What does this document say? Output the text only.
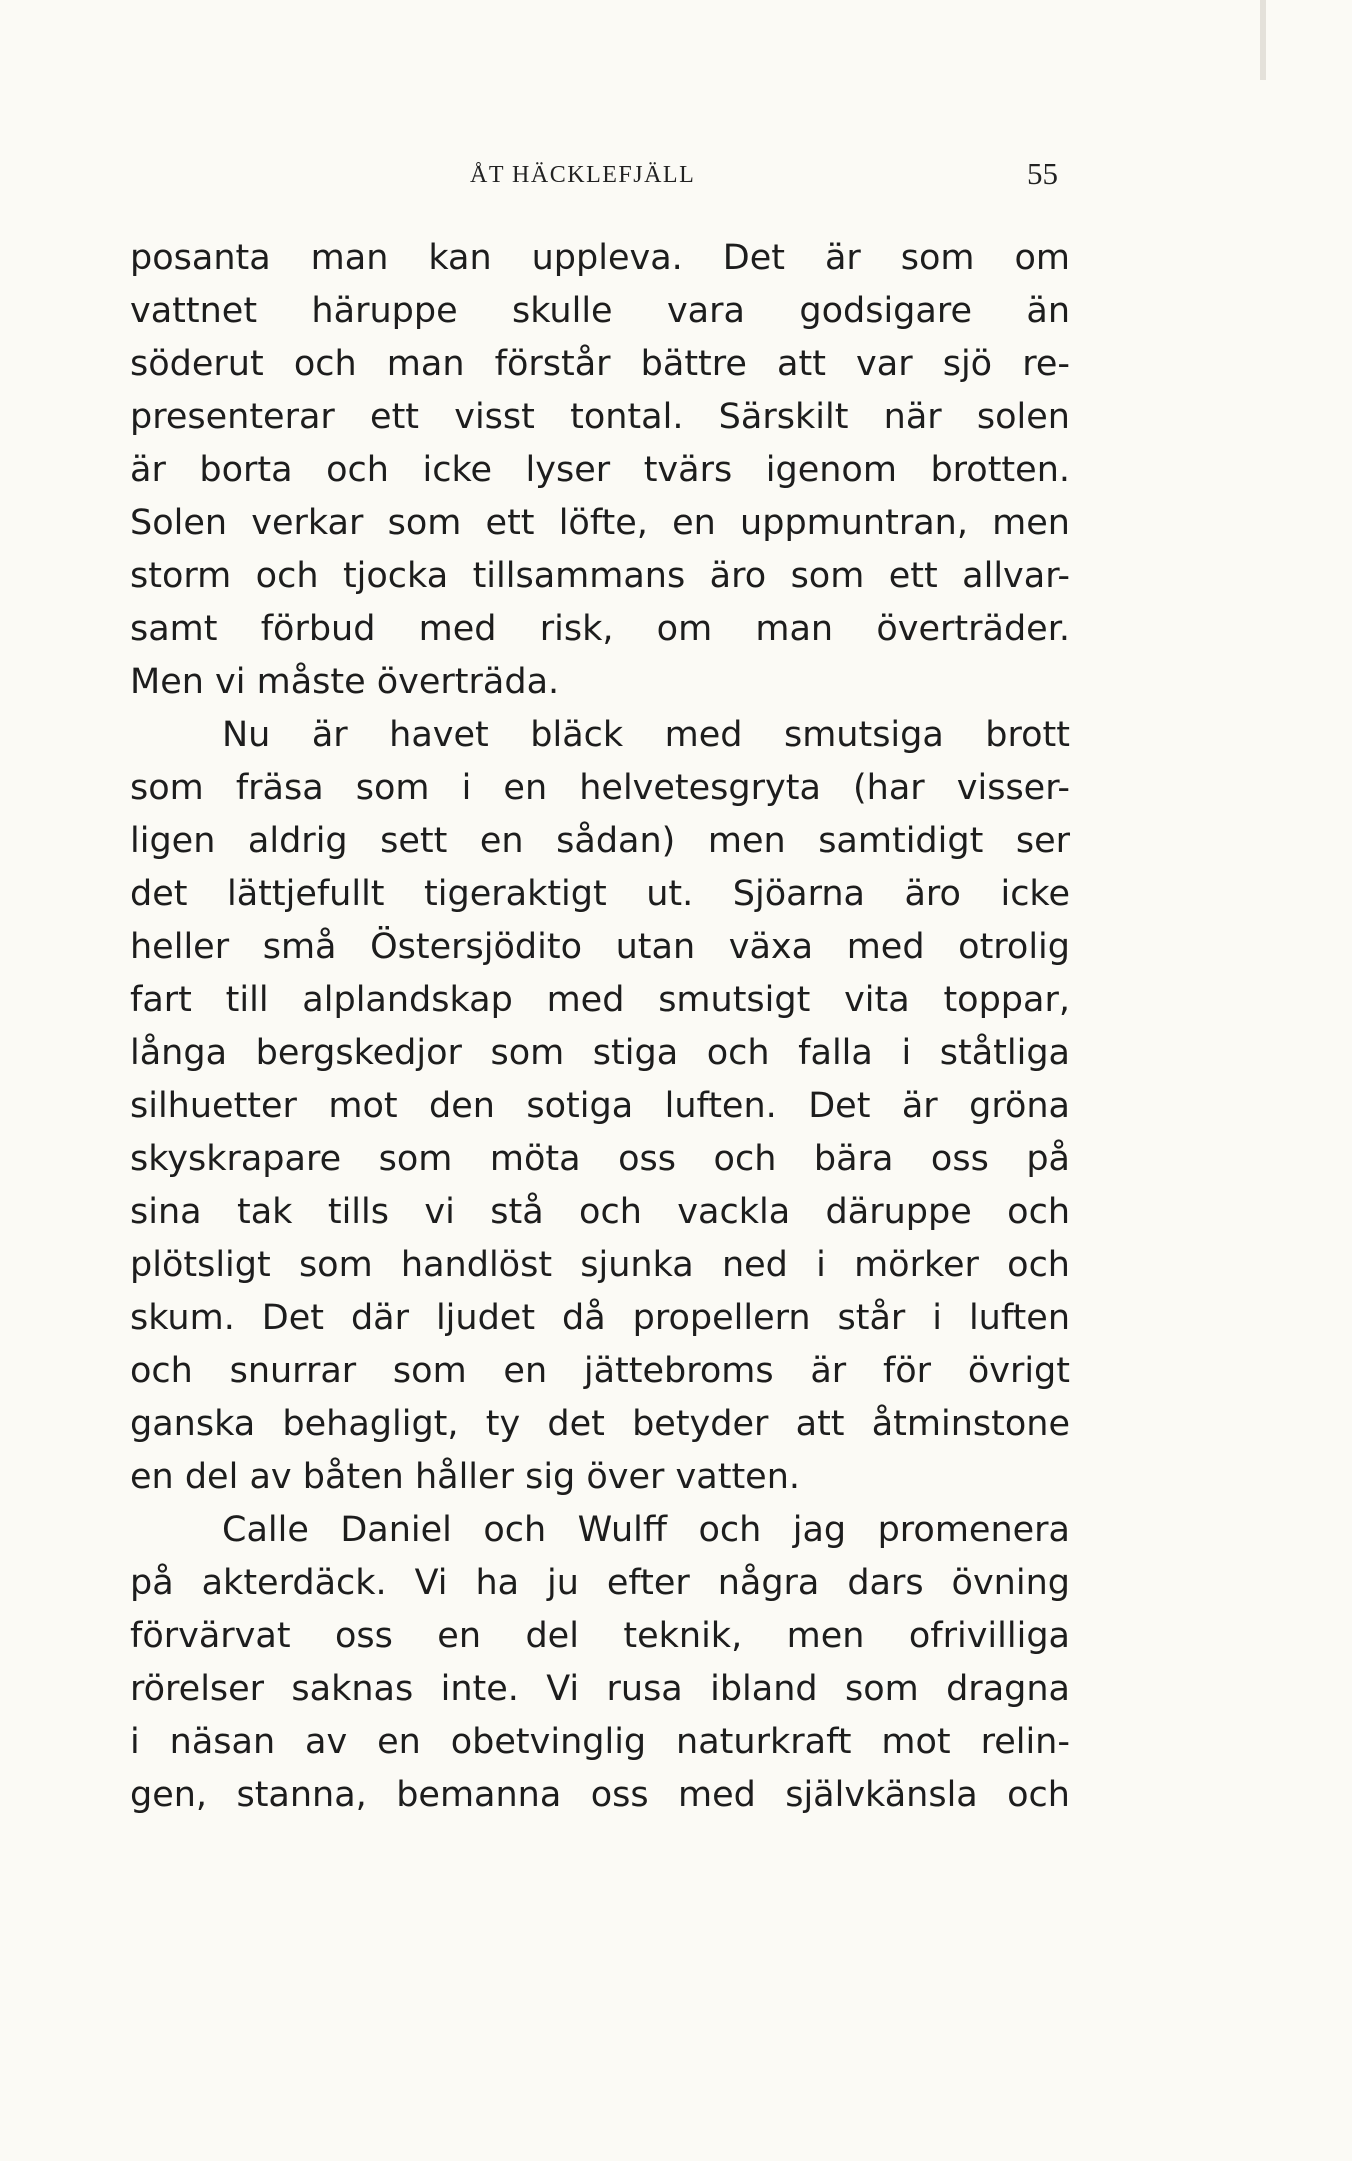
ÅT HÄCKLEFJÄLL	55
posanta man kan uppleva. Det är som om
vattnet häruppe skulle vara godsigare än
söderut och man förstår bättre att var sjö re-
presenterar ett visst tontal. Särskilt när solen
är borta och icke lyser tvärs igenom brotten.
Solen verkar som ett löfte, en uppmuntran, men
storm och tjocka tillsammans äro som ett allvar-
samt förbud med risk, om man överträder.
Men vi måste överträda.
Nu är havet bläck med smutsiga brott
som fräsa som i en helvetesgryta (har visser-
ligen aldrig sett en sådan) men samtidigt ser
det lättjefullt tigeraktigt ut. Sjöarna äro icke
heller små Östersjödito utan växa med otrolig
fart till alplandskap med smutsigt vita toppar,
långa bergskedjor som stiga och falla i ståtliga
silhuetter mot den sotiga luften. Det är gröna
skyskrapare som möta oss och bära oss på
sina tak tills vi stå och vackla däruppe och
plötsligt som handlöst sjunka ned i mörker och
skum. Det där ljudet då propellern står i luften
och snurrar som en jättebroms är för övrigt
ganska behagligt, ty det betyder att åtminstone
en del av båten håller sig över vatten.
Calle Daniel och Wulff och jag promenera
på akterdäck. Vi ha ju efter några dars övning
förvärvat oss en del teknik, men ofrivilliga
rörelser saknas inte. Vi rusa ibland som dragna
i näsan av en obetvinglig naturkraft mot relin-
gen, stanna, bemanna oss med självkänsla och
